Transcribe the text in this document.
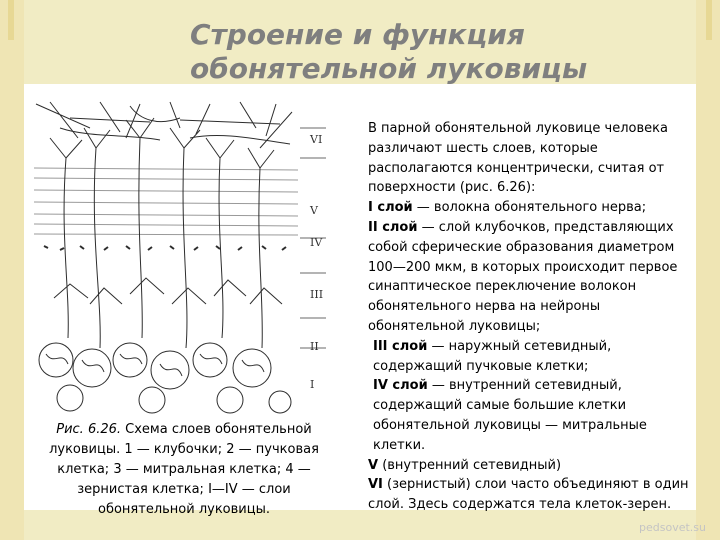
Строение и функция обонятельной луковицы
VI
V
IV
III
II
I

Рис. 6.26. Схема слоев обонятельной луковицы. 1 — клубочки; 2 — пучковая клетка; 3 — митральная клетка; 4 — зернистая клетка; I—IV — слои обонятельной луковицы.

В парной обонятельной луковице человека различают шесть слоев, которые располагаются концентрически, считая от поверхности (рис. 6.26):

I слой — волокна обонятельного нерва;

II слой — слой клубочков, представляющих собой сферические образования диаметром 100—200 мкм, в которых происходит первое синаптическое переключение волокон обонятельного нерва на нейроны обонятельной луковицы;

III слой — наружный сетевидный, содержащий пучковые клетки;

IV слой — внутренний сетевидный, содержащий самые большие клетки обонятельной луковицы — митральные клетки.

V (внутренний сетевидный)

VI (зернистый) слои часто объединяют в один слой. Здесь содержатся тела клеток-зерен.

pedsovet.su
